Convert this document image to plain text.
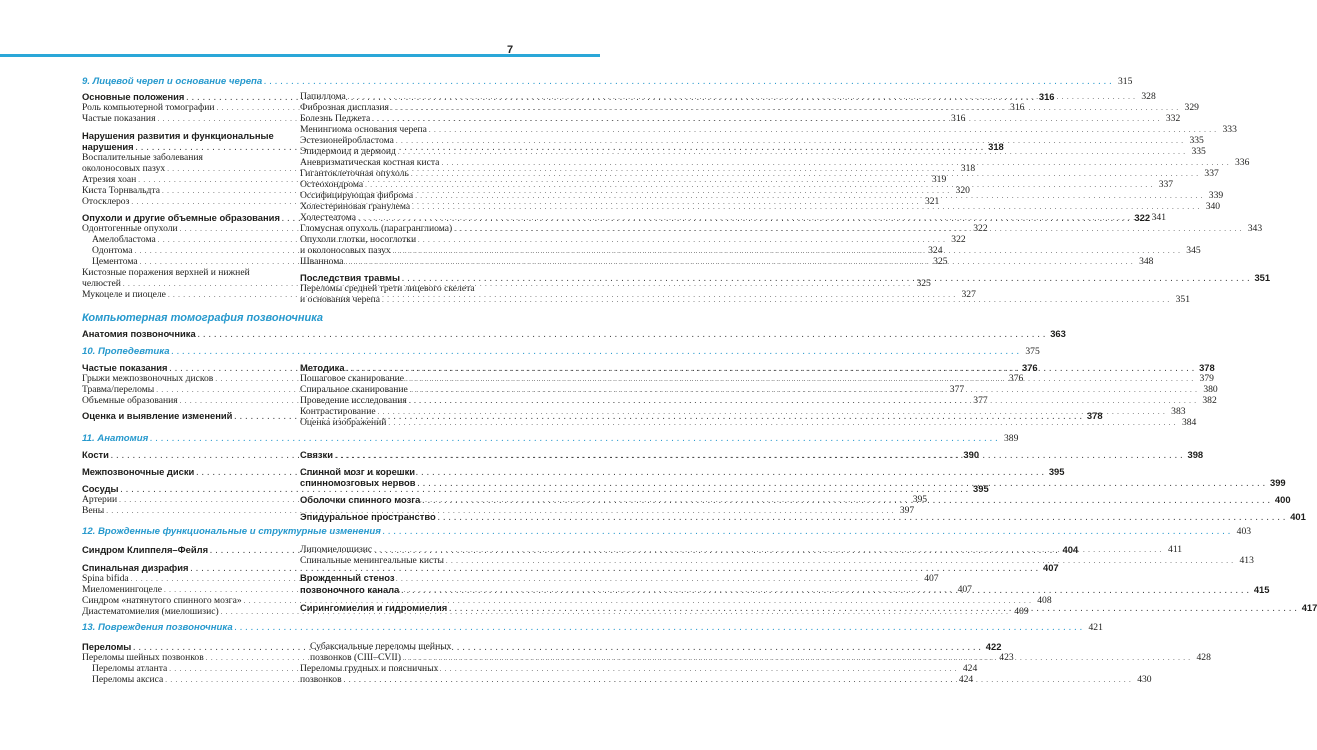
7
9. Лицевой череп и основание черепа . . .	315
Основные положения . . .	316
Роль компьютерной томографии . . .	316
Частые показания . . .	316
Нарушения развития и функциональные
нарушения . . .	318
Воспалительные заболевания
околоносовых пазух . . .	318
Атрезия хоан . . .	319
Киста Торнвальдта . . .	320
Отосклероз . . .	321
Опухоли и другие объемные образования . . .	322
Одонтогенные опухоли . . .	322
Амелобластома . . .	322
Одонтома . . .	324
Цементома . . .	325
Кистозные поражения верхней и нижней
челюстей . . .	325
Мукоцеле и пиоцеле . . .	327
Папиллома . . .	328
Фиброзная дисплазия . . .	329
Болезнь Педжета . . .	332
Менингиома основания черепа . . .	333
Эстезионейробластома . . .	335
Эпидермоид и дермоид . . .	335
Аневризматическая костная киста . . .	336
Гигантоклеточная опухоль . . .	337
Остеохондрома . . .	337
Оссифицирующая фиброма . . .	339
Холестериновая гранулема . . .	340
Холестеатома . . .	341
Гломусная опухоль (парагранглиома) . . .	343
Опухоли глотки, носоглотки
и околоносовых пазух . . .	345
Шваннома . . .	348
Последствия травмы . . .	351
Переломы средней трети лицевого скелета
и основания черепа . . .	351
Компьютерная томография позвоночника
Анатомия позвоночника . . .	363
10. Пропедевтика . . .	375
Частые показания . . .	376
Грыжи межпозвоночных дисков . . .	376
Травма/переломы . . .	377
Объемные образования . . .	377
Оценка и выявление изменений . . .	378
Методика . . .	378
Пошаговое сканирование . . .	379
Спиральное сканирование . . .	380
Проведение исследования . . .	382
Контрастирование . . .	383
Оценка изображений . . .	384
11. Анатомия . . .	389
Кости . . .	390
Межпозвоночные диски . . .	395
Сосуды . . .	395
Артерии . . .	395
Вены . . .	397
Связки . . .	398
Спинной мозг и корешки
спинномозговых нервов . . .	399
Оболочки спинного мозга . . .	400
Эпидуральное пространство . . .	401
12. Врожденные функциональные и структурные изменения . . .	403
Синдром Клиппеля–Фейля . . .	404
Спинальная дизрафия . . .	407
Spina bifida . . .	407
Миеломенингоцеле . . .	407
Синдром «натянутого спинного мозга» . . .	408
Диастематомиелия (миелошизис) . . .	409
Липомиелошизис . . .	411
Спинальные менингеальные кисты . . .	413
Врожденный стеноз
позвоночного канала . . .	415
Сирингомиелия и гидромиелия . . .	417
13. Повреждения позвоночника . . .	421
Переломы . . .	422
Переломы шейных позвонков . . .	423
Переломы атланта . . .	424
Переломы аксиса . . .	424
Субаксиальные переломы шейных
позвонков (CIII–CVII) . . .	428
Переломы грудных и поясничных
позвонков . . .	430
